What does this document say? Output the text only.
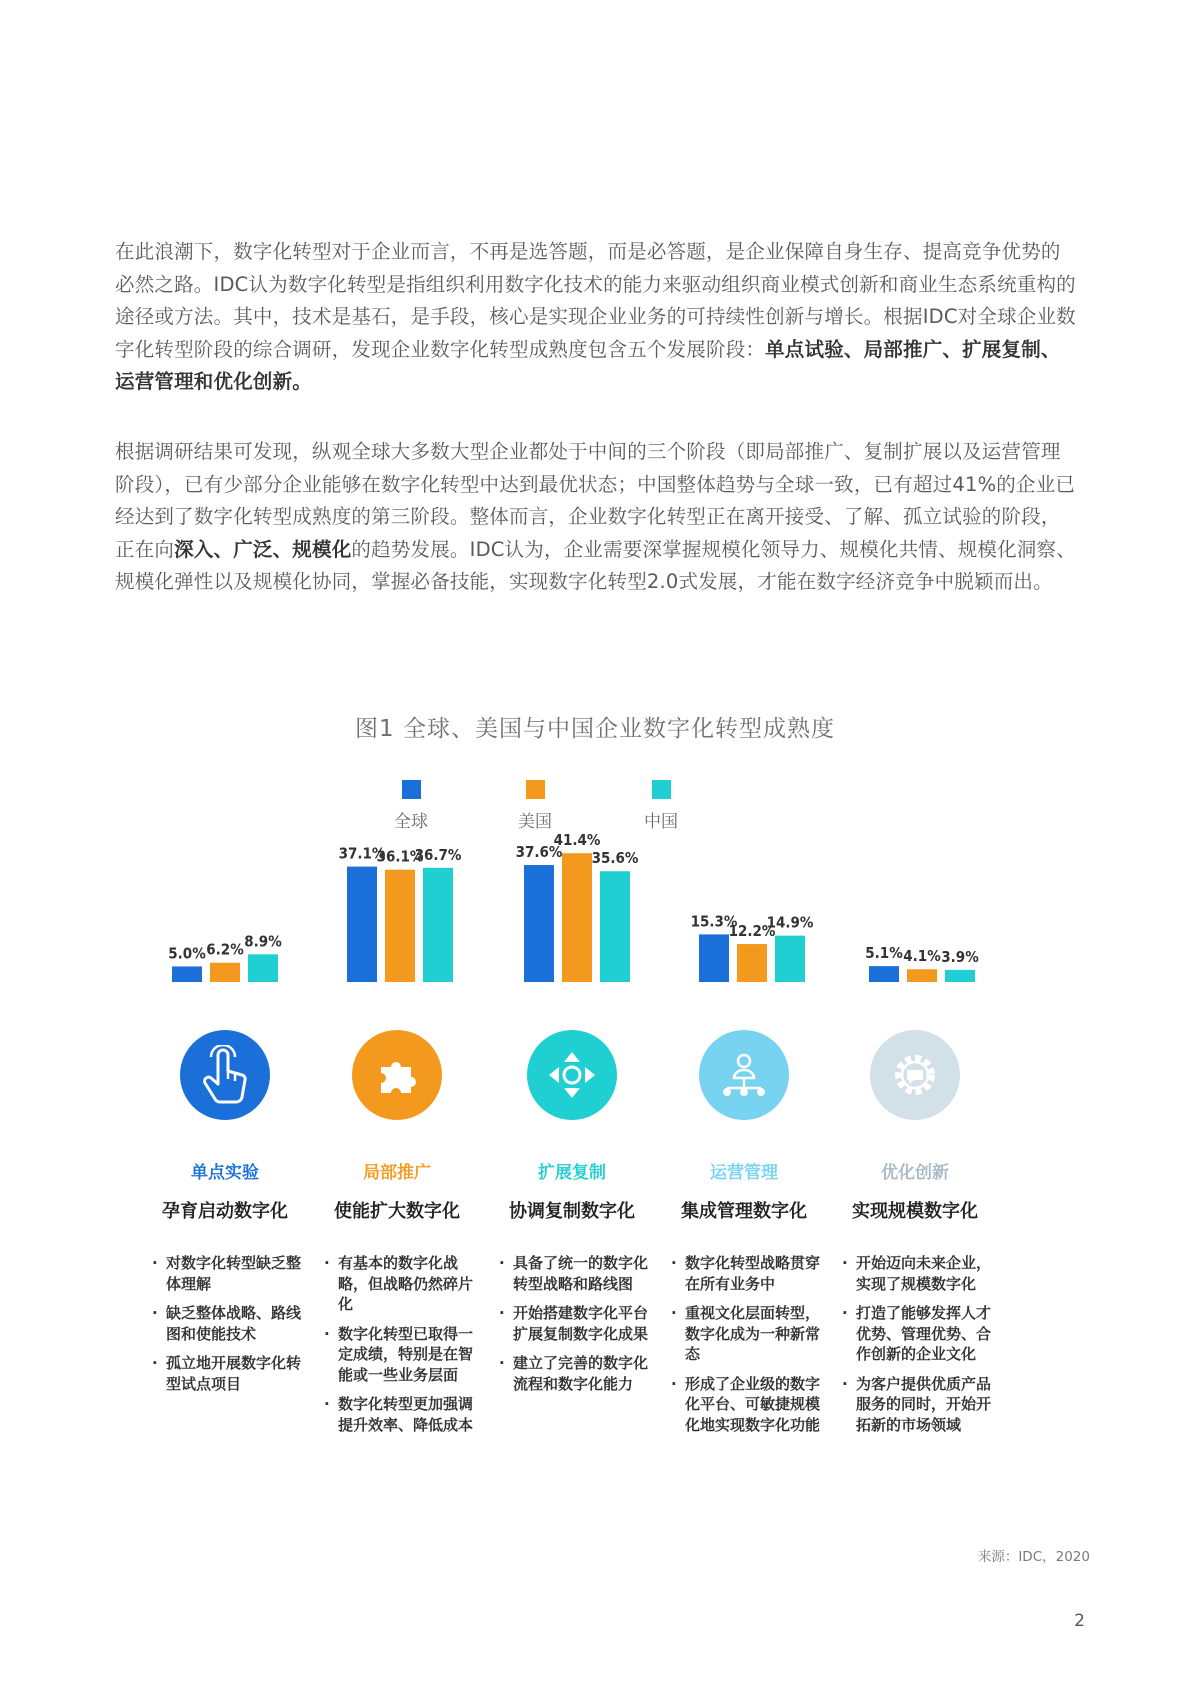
在此浪潮下，数字化转型对于企业而言，不再是选答题，而是必答题，是企业保障自身生存、提高竞争优势的必然之路。IDC认为数字化转型是指组织利用数字化技术的能力来驱动组织商业模式创新和商业生态系统重构的途径或方法。其中，技术是基石，是手段，核心是实现企业业务的可持续性创新与增长。根据IDC对全球企业数字化转型阶段的综合调研，发现企业数字化转型成熟度包含五个发展阶段：单点试验、局部推广、扩展复制、运营管理和优化创新。

根据调研结果可发现，纵观全球大多数大型企业都处于中间的三个阶段（即局部推广、复制扩展以及运营管理阶段），已有少部分企业能够在数字化转型中达到最优状态；中国整体趋势与全球一致，已有超过41%的企业已经达到了数字化转型成熟度的第三阶段。整体而言，企业数字化转型正在离开接受、了解、孤立试验的阶段，正在向深入、广泛、规模化的趋势发展。IDC认为，企业需要深掌握规模化领导力、规模化共情、规模化洞察、规模化弹性以及规模化协同，掌握必备技能，实现数字化转型2.0式发展，才能在数字经济竞争中脱颖而出。

图1 全球、美国与中国企业数字化转型成熟度
全球	美国	中国
5.0% 6.2% 8.9%
37.1%
36.1%
36.7%	37.6%
41.4%
35.6%
15.3%
12.2%
14.9%
5.1% 4.1% 3.9%
单点实验
孕育启动数字化
· 对数字化转型缺乏整体理解
· 缺乏整体战略、路线图和使能技术
· 孤立地开展数字化转型试点项目
局部推广
使能扩大数字化
· 有基本的数字化战略，但战略仍然碎片化
· 数字化转型已取得一定成绩，特别是在智能或一些业务层面
· 数字化转型更加强调提升效率、降低成本
扩展复制
协调复制数字化
· 具备了统一的数字化转型战略和路线图
· 开始搭建数字化平台扩展复制数字化成果
· 建立了完善的数字化流程和数字化能力
运营管理
集成管理数字化
· 数字化转型战略贯穿在所有业务中
· 重视文化层面转型，数字化成为一种新常态
· 形成了企业级的数字化平台、可敏捷规模化地实现数字化功能
优化创新
实现规模数字化
· 开始迈向未来企业，实现了规模数字化
· 打造了能够发挥人才优势、管理优势、合作创新的企业文化
· 为客户提供优质产品服务的同时，开始开拓新的市场领域
来源：IDC，2020
2
